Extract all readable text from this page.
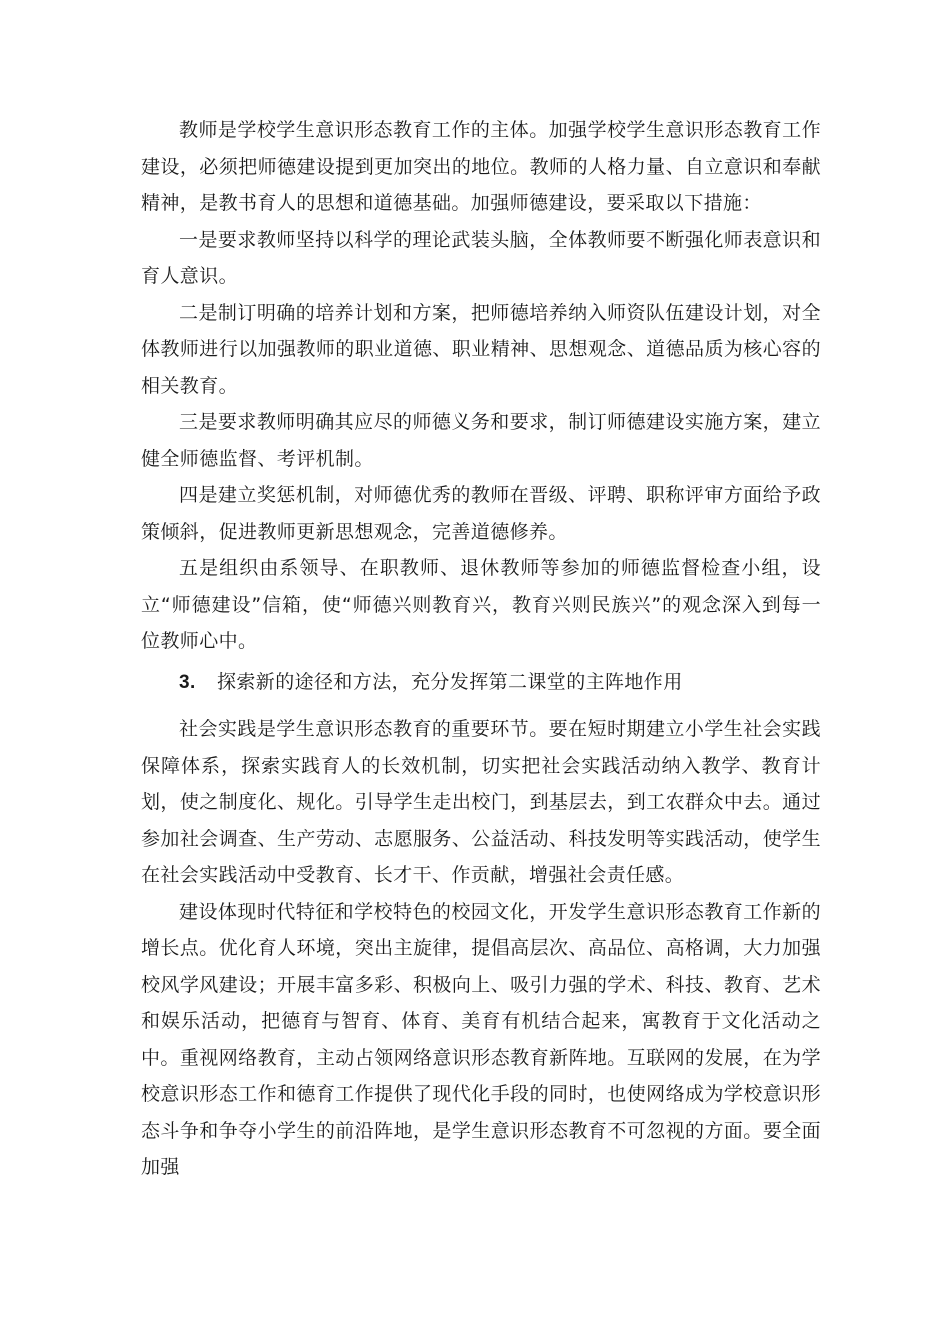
教师是学校学生意识形态教育工作的主体。加强学校学生意识形态教育工作建设，必须把师德建设提到更加突出的地位。教师的人格力量、自立意识和奉献精神，是教书育人的思想和道德基础。加强师德建设，要采取以下措施：

一是要求教师坚持以科学的理论武装头脑，全体教师要不断强化师表意识和育人意识。

二是制订明确的培养计划和方案，把师德培养纳入师资队伍建设计划，对全体教师进行以加强教师的职业道德、职业精神、思想观念、道德品质为核心容的相关教育。

三是要求教师明确其应尽的师德义务和要求，制订师德建设实施方案，建立健全师德监督、考评机制。

四是建立奖惩机制，对师德优秀的教师在晋级、评聘、职称评审方面给予政策倾斜，促进教师更新思想观念，完善道德修养。

五是组织由系领导、在职教师、退休教师等参加的师德监督检查小组，设立“师德建设”信箱，使“师德兴则教育兴，教育兴则民族兴”的观念深入到每一位教师心中。

3. 探索新的途径和方法，充分发挥第二课堂的主阵地作用

社会实践是学生意识形态教育的重要环节。要在短时期建立小学生社会实践保障体系，探索实践育人的长效机制，切实把社会实践活动纳入教学、教育计划，使之制度化、规化。引导学生走出校门，到基层去，到工农群众中去。通过参加社会调查、生产劳动、志愿服务、公益活动、科技发明等实践活动，使学生在社会实践活动中受教育、长才干、作贡献，增强社会责任感。

建设体现时代特征和学校特色的校园文化，开发学生意识形态教育工作新的增长点。优化育人环境，突出主旋律，提倡高层次、高品位、高格调，大力加强校风学风建设；开展丰富多彩、积极向上、吸引力强的学术、科技、教育、艺术和娱乐活动，把德育与智育、体育、美育有机结合起来，寓教育于文化活动之中。重视网络教育，主动占领网络意识形态教育新阵地。互联网的发展，在为学校意识形态工作和德育工作提供了现代化手段的同时，也使网络成为学校意识形态斗争和争夺小学生的前沿阵地，是学生意识形态教育不可忽视的方面。要全面加强
